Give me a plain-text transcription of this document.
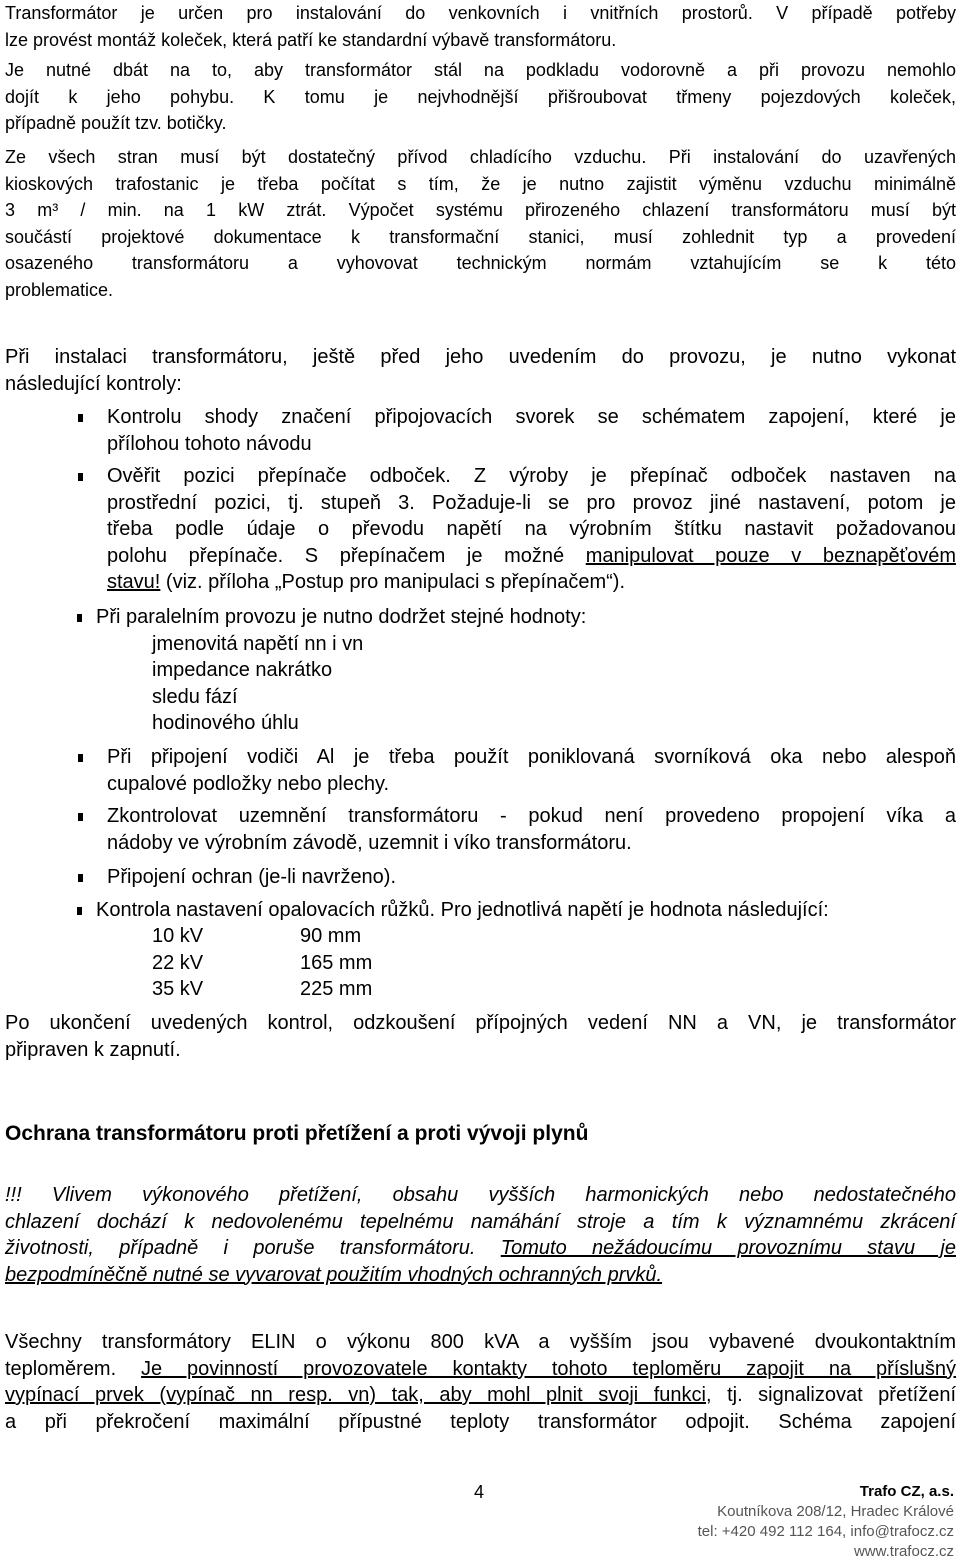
Transformátor je určen pro instalování do venkovních i vnitřních prostorů. V případě potřeby
lze provést montáž koleček, která patří ke standardní výbavě transformátoru.
Je nutné dbát na to, aby transformátor stál na podkladu vodorovně a při provozu nemohlo
dojít k jeho pohybu. K tomu je nejvhodnější přišroubovat třmeny pojezdových koleček,
případně použít tzv. botičky.
Ze všech stran musí být dostatečný přívod chladícího vzduchu. Při instalování do uzavřených
kioskových trafostanic je třeba počítat s tím, že je nutno zajistit výměnu vzduchu minimálně
3 m³ / min. na 1 kW ztrát. Výpočet systému přirozeného chlazení transformátoru musí být
součástí projektové dokumentace k transformační stanici, musí zohlednit typ a provedení
osazeného transformátoru a vyhovovat technickým normám vztahujícím se k této
problematice.
Při instalaci transformátoru, ještě před jeho uvedením do provozu, je nutno vykonat
následující kontroly:
Kontrolu shody značení připojovacích svorek se schématem zapojení, které je
přílohou tohoto návodu
Ověřit pozici přepínače odboček. Z výroby je přepínač odboček nastaven na
prostřední pozici, tj. stupeň 3. Požaduje-li se pro provoz jiné nastavení, potom je
třeba podle údaje o převodu napětí na výrobním štítku nastavit požadovanou
polohu přepínače. S přepínačem je možné manipulovat pouze v beznapěťovém
stavu! (viz. příloha „Postup pro manipulaci s přepínačem“).
Při paralelním provozu je nutno dodržet stejné hodnoty:
jmenovitá napětí nn i vn
impedance nakrátko
sledu fází
hodinového úhlu
Při připojení vodiči Al je třeba použít poniklovaná svorníková oka nebo alespoň
cupalové podložky nebo plechy.
Zkontrolovat uzemnění transformátoru - pokud není provedeno propojení víka a
nádoby ve výrobním závodě, uzemnit i víko transformátoru.
Připojení ochran (je-li navrženo).
Kontrola nastavení opalovacích růžků. Pro jednotlivá napětí je hodnota následující:
10 kV	90 mm
22 kV	165 mm
35 kV	225 mm
Po ukončení uvedených kontrol, odzkoušení přípojných vedení NN a VN, je transformátor
připraven k zapnutí.
Ochrana transformátoru proti přetížení a proti vývoji plynů
!!! Vlivem výkonového přetížení, obsahu vyšších harmonických nebo nedostatečného
chlazení dochází k nedovolenému tepelnému namáhání stroje a tím k významnému zkrácení
životnosti, případně i poruše transformátoru. Tomuto nežádoucímu provoznímu stavu je
bezpodmíněčně nutné se vyvarovat použitím vhodných ochranných prvků.
Všechny transformátory ELIN o výkonu 800 kVA a vyšším jsou vybavené dvoukontaktním
teploměrem. Je povinností provozovatele kontakty tohoto teploměru zapojit na příslušný
vypínací prvek (vypínač nn resp. vn) tak, aby mohl plnit svoji funkci, tj. signalizovat přetížení
a při překročení maximální přípustné teploty transformátor odpojit. Schéma zapojení
4	Trafo CZ, a.s.
Koutníkova 208/12, Hradec Králové
tel: +420 492 112 164, info@trafocz.cz
www.trafocz.cz
